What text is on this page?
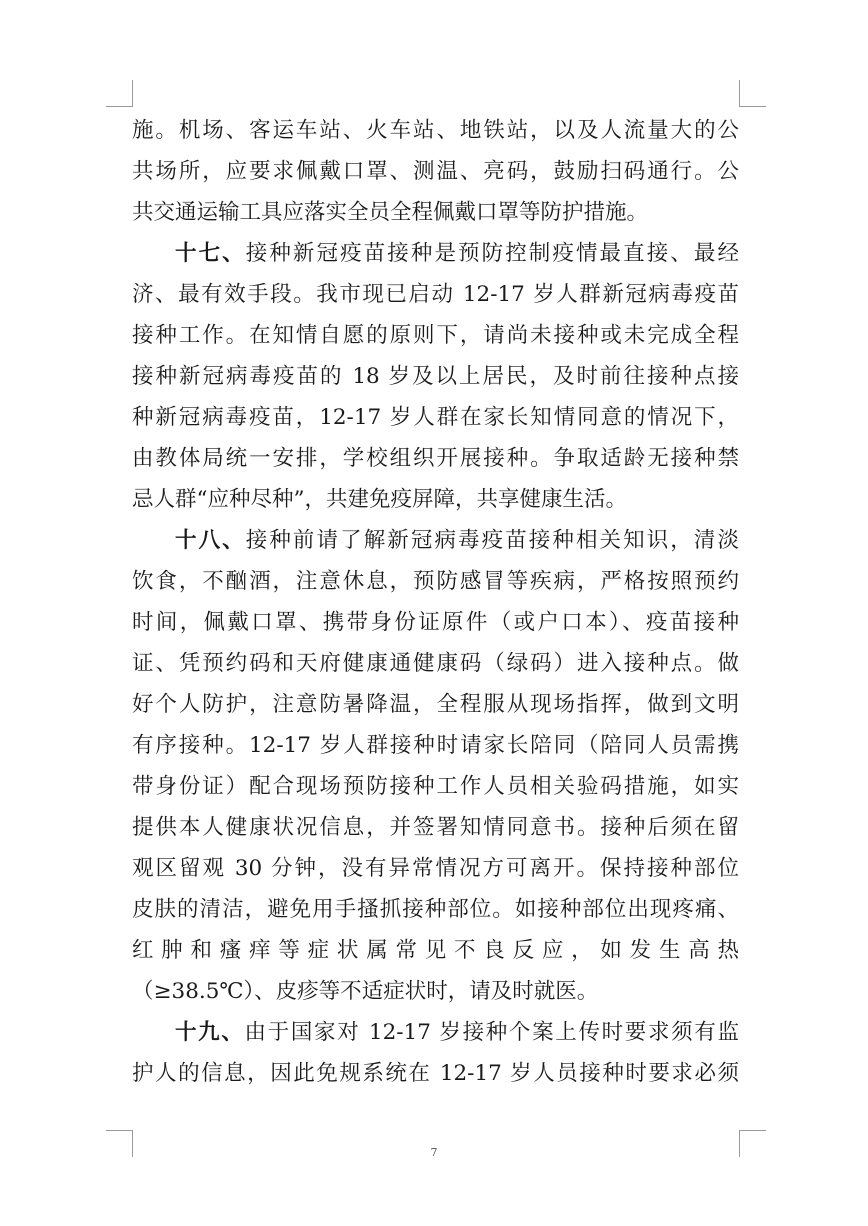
施。机场、客运车站、火车站、地铁站，以及人流量大的公
共场所，应要求佩戴口罩、测温、亮码，鼓励扫码通行。公
共交通运输工具应落实全员全程佩戴口罩等防护措施。
十七、接种新冠疫苗接种是预防控制疫情最直接、最经
济、最有效手段。我市现已启动 12-17 岁人群新冠病毒疫苗
接种工作。在知情自愿的原则下，请尚未接种或未完成全程
接种新冠病毒疫苗的 18 岁及以上居民，及时前往接种点接
种新冠病毒疫苗，12-17 岁人群在家长知情同意的情况下，
由教体局统一安排，学校组织开展接种。争取适龄无接种禁
忌人群“应种尽种”，共建免疫屏障，共享健康生活。
十八、接种前请了解新冠病毒疫苗接种相关知识，清淡
饮食，不酗酒，注意休息，预防感冒等疾病，严格按照预约
时间，佩戴口罩、携带身份证原件（或户口本）、疫苗接种
证、凭预约码和天府健康通健康码（绿码）进入接种点。做
好个人防护，注意防暑降温，全程服从现场指挥，做到文明
有序接种。12-17 岁人群接种时请家长陪同（陪同人员需携
带身份证）配合现场预防接种工作人员相关验码措施，如实
提供本人健康状况信息，并签署知情同意书。接种后须在留
观区留观 30 分钟，没有异常情况方可离开。保持接种部位
皮肤的清洁，避免用手搔抓接种部位。如接种部位出现疼痛、
红肿和瘙痒等症状属常见不良反应，如发生高热
（≥38.5℃）、皮疹等不适症状时，请及时就医。
十九、由于国家对 12-17 岁接种个案上传时要求须有监
护人的信息，因此免规系统在 12-17 岁人员接种时要求必须
7
